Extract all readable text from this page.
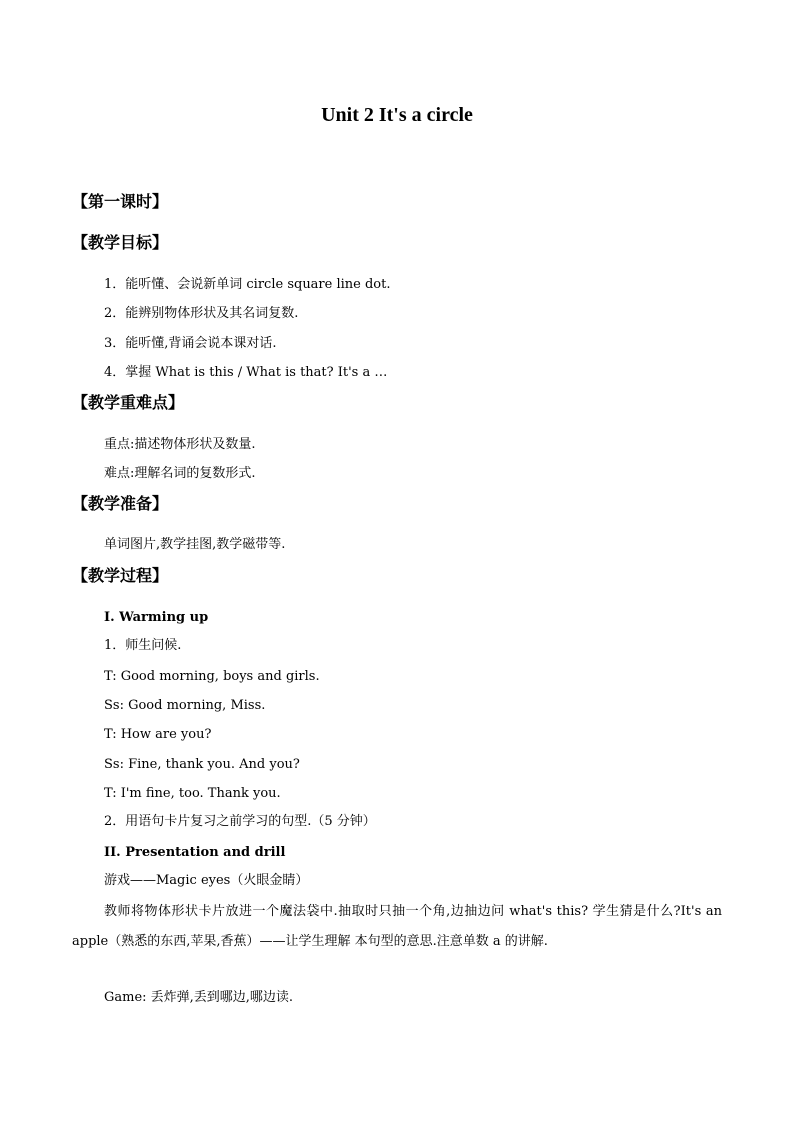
Unit 2 It's a circle
【第一课时】
【教学目标】
1．能听懂、会说新单词 circle square line dot.
2．能辨别物体形状及其名词复数.
3．能听懂,背诵会说本课对话.
4．掌握 What is this / What is that? It's a …
【教学重难点】
重点:描述物体形状及数量.
难点:理解名词的复数形式.
【教学准备】
单词图片,教学挂图,教学磁带等.
【教学过程】
I. Warming up
1．师生问候.
T: Good morning, boys and girls.
Ss: Good morning, Miss.
T: How are you?
Ss: Fine, thank you. And you?
T: I'm fine, too. Thank you.
2．用语句卡片复习之前学习的句型.（5 分钟）
II. Presentation and drill
游戏——Magic eyes（火眼金睛）
教师将物体形状卡片放进一个魔法袋中.抽取时只抽一个角,边抽边问 what's this? 学生猜是什么?It's an apple（熟悉的东西,苹果,香蕉）——让学生理解 本句型的意思.注意单数 a 的讲解.
Game: 丢炸弹,丢到哪边,哪边读.
